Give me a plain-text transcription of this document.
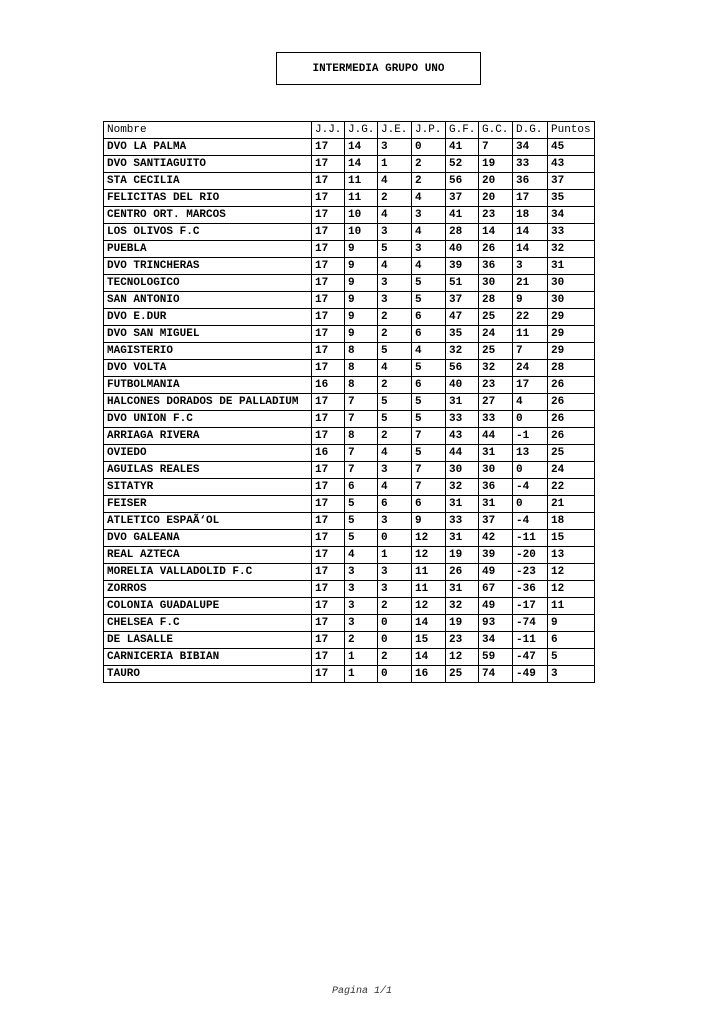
INTERMEDIA GRUPO UNO
Nombre	J.J.	J.G.	J.E.	J.P.	G.F.	G.C.	D.G.	Puntos
DVO LA PALMA	17	14	3	0	41	7	34	45
DVO SANTIAGUITO	17	14	1	2	52	19	33	43
STA CECILIA	17	11	4	2	56	20	36	37
FELICITAS DEL RIO	17	11	2	4	37	20	17	35
CENTRO ORT. MARCOS	17	10	4	3	41	23	18	34
LOS OLIVOS F.C	17	10	3	4	28	14	14	33
PUEBLA	17	9	5	3	40	26	14	32
DVO TRINCHERAS	17	9	4	4	39	36	3	31
TECNOLOGICO	17	9	3	5	51	30	21	30
SAN ANTONIO	17	9	3	5	37	28	9	30
DVO E.DUR	17	9	2	6	47	25	22	29
DVO SAN MIGUEL	17	9	2	6	35	24	11	29
MAGISTERIO	17	8	5	4	32	25	7	29
DVO VOLTA	17	8	4	5	56	32	24	28
FUTBOLMANIA	16	8	2	6	40	23	17	26
HALCONES DORADOS DE PALLADIUM	17	7	5	5	31	27	4	26
DVO UNION F.C	17	7	5	5	33	33	0	26
ARRIAGA RIVERA	17	8	2	7	43	44	-1	26
OVIEDO	16	7	4	5	44	31	13	25
AGUILAS REALES	17	7	3	7	30	30	0	24
SITATYR	17	6	4	7	32	36	-4	22
FEISER	17	5	6	6	31	31	0	21
ATLETICO ESPAÃ‘OL	17	5	3	9	33	37	-4	18
DVO GALEANA	17	5	0	12	31	42	-11	15
REAL AZTECA	17	4	1	12	19	39	-20	13
MORELIA VALLADOLID F.C	17	3	3	11	26	49	-23	12
ZORROS	17	3	3	11	31	67	-36	12
COLONIA GUADALUPE	17	3	2	12	32	49	-17	11
CHELSEA F.C	17	3	0	14	19	93	-74	9
DE LASALLE	17	2	0	15	23	34	-11	6
CARNICERIA BIBIAN	17	1	2	14	12	59	-47	5
TAURO	17	1	0	16	25	74	-49	3
Pagina 1/1
